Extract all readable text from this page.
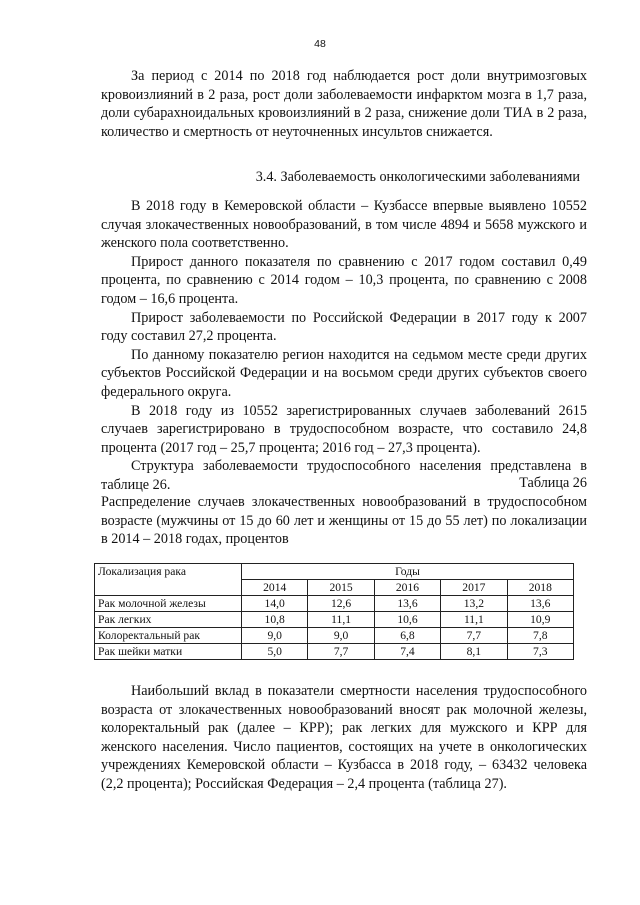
48

За период с 2014 по 2018 год наблюдается рост доли внутримозговых кровоизлияний в 2 раза, рост доли заболеваемости инфарктом мозга в 1,7 раза, доли субарахноидальных кровоизлияний в 2 раза, снижение доли ТИА в 2 раза, количество и смертность от неуточненных инсультов снижается.

3.4. Заболеваемость онкологическими заболеваниями

В 2018 году в Кемеровской области – Кузбассе впервые выявлено 10552 случая злокачественных новообразований, в том числе 4894 и 5658 мужского и женского пола соответственно.

Прирост данного показателя по сравнению с 2017 годом составил 0,49 процента, по сравнению с 2014 годом – 10,3 процента, по сравнению с 2008 годом – 16,6 процента.

Прирост заболеваемости по Российской Федерации в 2017 году к 2007 году составил 27,2 процента.

По данному показателю регион находится на седьмом месте среди других субъектов Российской Федерации и на восьмом среди других субъектов своего федерального округа.

В 2018 году из 10552 зарегистрированных случаев заболеваний 2615 случаев зарегистрировано в трудоспособном возрасте, что составило 24,8 процента (2017 год – 25,7 процента; 2016 год – 27,3 процента).

Структура заболеваемости трудоспособного населения представлена в таблице 26.	Таблица 26
Распределение случаев злокачественных новообразований в трудоспособном возрасте (мужчины от 15 до 60 лет и женщины от 15 до 55 лет) по локализации в 2014 – 2018 годах, процентов
Локализация рака	Годы				
	2014	2015	2016	2017	2018
Рак молочной железы	14,0	12,6	13,6	13,2	13,6
Рак легких	10,8	11,1	10,6	11,1	10,9
Колоректальный рак	9,0	9,0	6,8	7,7	7,8
Рак шейки матки	5,0	7,7	7,4	8,1	7,3

Наибольший вклад в показатели смертности населения трудоспособного возраста от злокачественных новообразований вносят рак молочной железы, колоректальный рак (далее – КРР); рак легких для мужского и КРР для женского населения. Число пациентов, состоящих на учете в онкологических учреждениях Кемеровской области – Кузбасса в 2018 году, – 63432 человека (2,2 процента); Российская Федерация – 2,4 процента (таблица 27).
